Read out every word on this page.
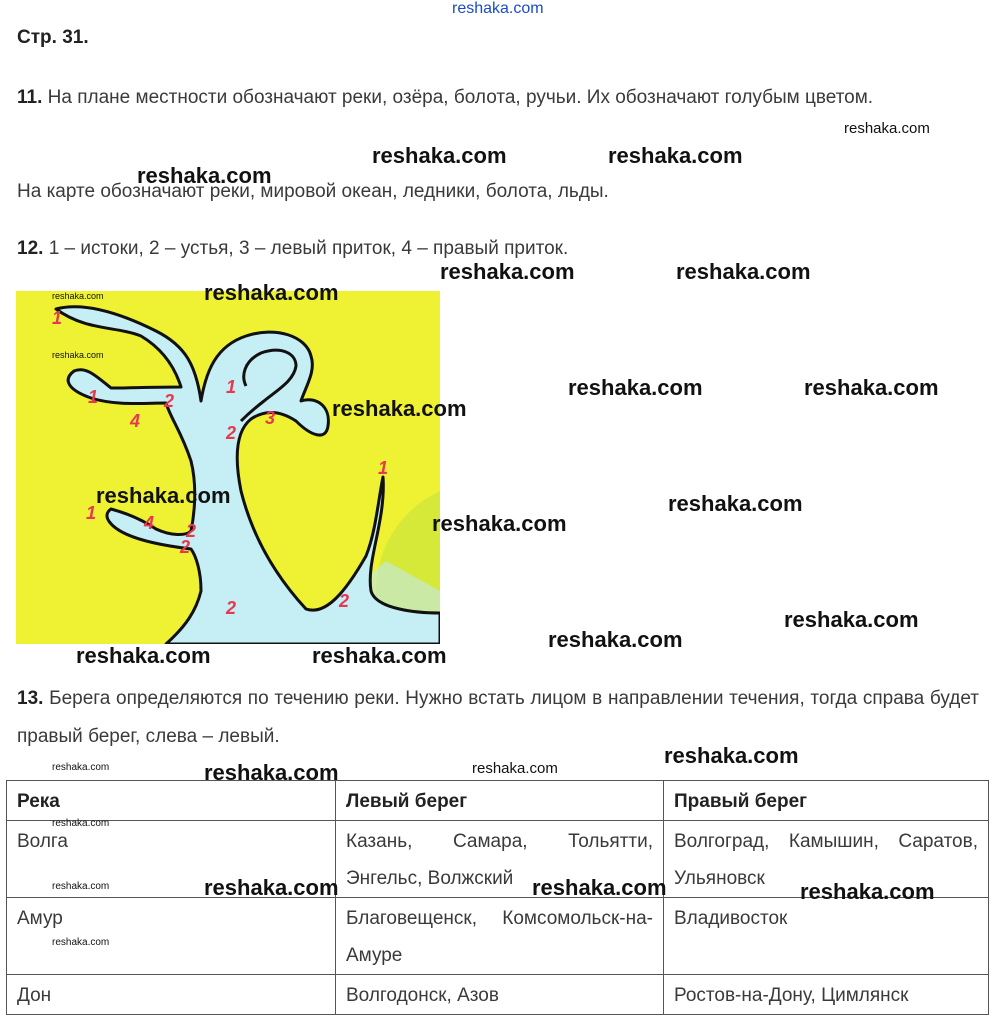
reshaka.com
Стр. 31.
11. На плане местности обозначают реки, озёра, болота, ручьи. Их обозначают голубым цветом.
На карте обозначают реки, мировой океан, ледники, болота, льды.
12. 1 – истоки, 2 – устья, 3 – левый приток, 4 – правый приток.
1
1	2
4
1
2
3
2
1
1	4
2
2	2
reshaka.com
reshaka.com
13. Берега определяются по течению реки. Нужно встать лицом в направлении течения, тогда справа будет правый берег, слева – левый.
Река	Левый берег	Правый берег
Волга	Казань, Самара, Тольятти, Энгельс, Волжский	Волгоград, Камышин, Саратов, Ульяновск
Амур	Благовещенск, Комсомольск-на-Амуре	Владивосток
Дон	Волгодонск, Азов	Ростов-на-Дону, Цимлянск
reshaka.com
reshaka.com	reshaka.com
reshaka.com
reshaka.com
reshaka.com	reshaka.com
reshaka.com
reshaka.com	reshaka.com
reshaka.com
reshaka.com
reshaka.com
reshaka.com
reshaka.com
reshaka.com	reshaka.com
reshaka.com
reshaka.com	reshaka.com
reshaka.com
reshaka.com
reshaka.com	reshaka.com	reshaka.com
reshaka.com
reshaka.com
